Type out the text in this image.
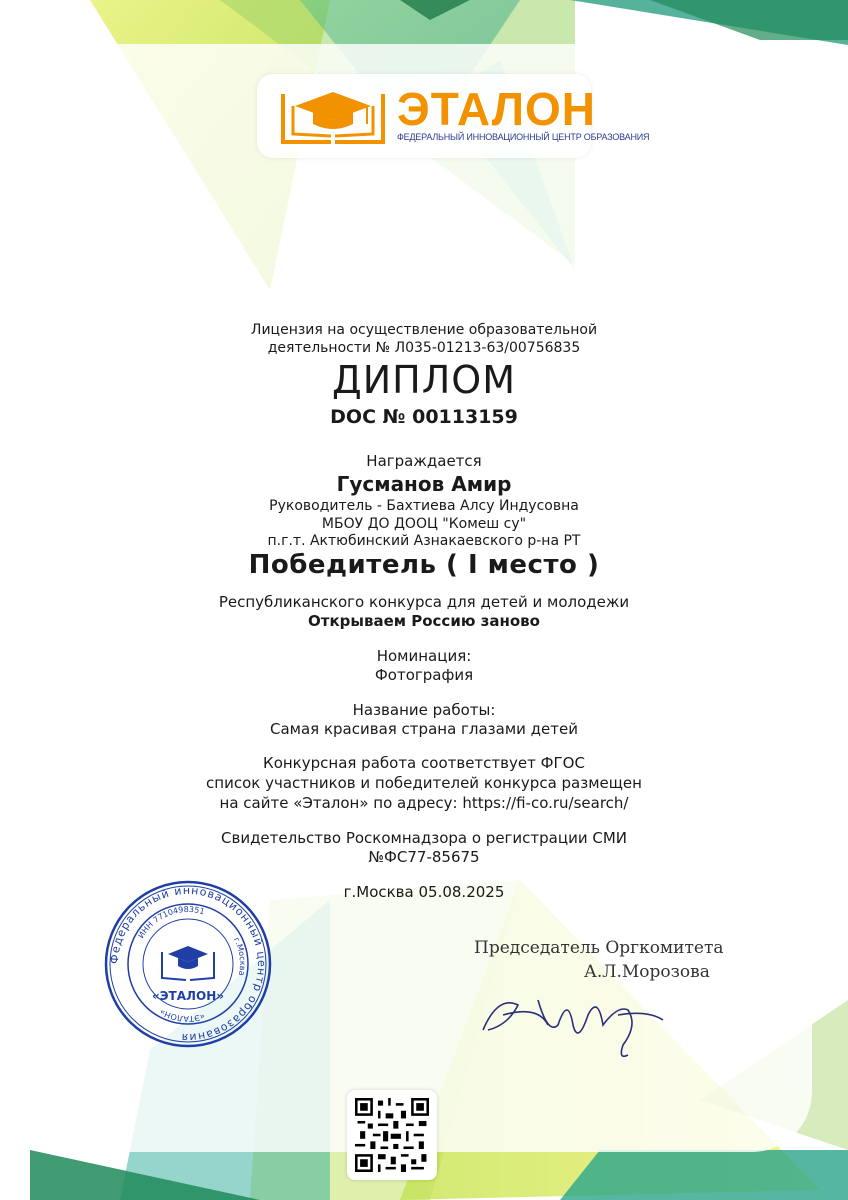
ЭТАЛОН
ФЕДЕРАЛЬНЫЙ ИННОВАЦИОННЫЙ ЦЕНТР ОБРАЗОВАНИЯ
Лицензия на осуществление образовательной
деятельности № Л035-01213-63/00756835
ДИПЛОМ
DOC № 00113159
Награждается
Гусманов Амир
Руководитель - Бахтиева Алсу Индусовна
МБОУ ДО ДООЦ "Комеш су"
п.г.т. Актюбинский Азнакаевского р-на РТ
Победитель ( I место )
Республиканского конкурса для детей и молодежи
Открываем Россию заново
Номинация:
Фотография
Название работы:
Самая красивая страна глазами детей
Конкурсная работа соответствует ФГОС
список участников и победителей конкурса размещен
на сайте «Эталон» по адресу: https://fi-co.ru/search/
Свидетельство Роскомнадзора о регистрации СМИ
№ФС77-85675
г.Москва 05.08.2025
Председатель Оргкомитета
А.Л.Морозова
Федеральный инновационный центр образования
ИНН 7710498351
г.Москва
«ЭТАЛОН»
«ЭТАЛОН»
